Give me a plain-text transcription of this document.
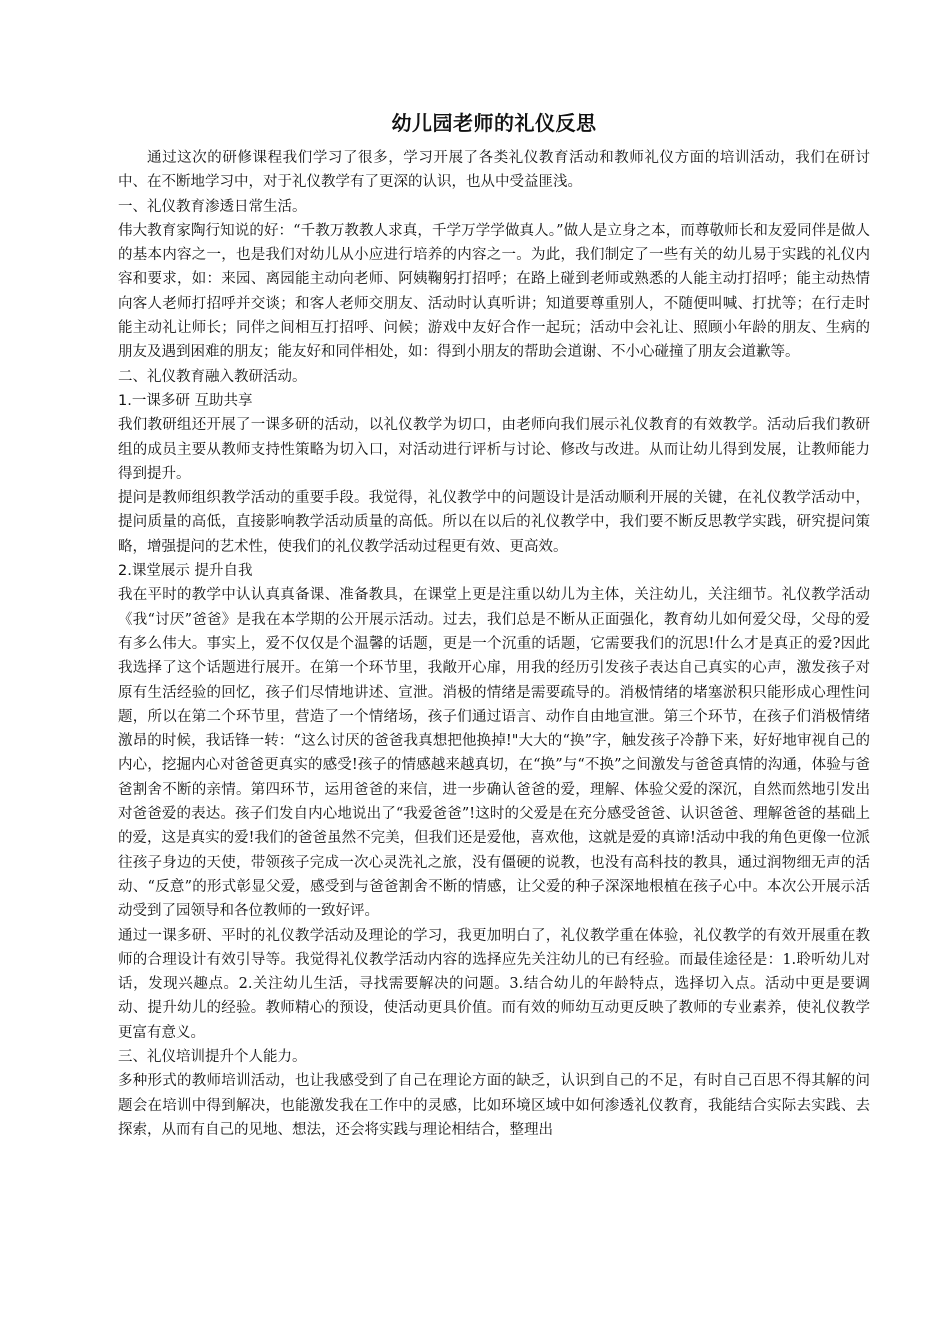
幼儿园老师的礼仪反思

通过这次的研修课程我们学习了很多，学习开展了各类礼仪教育活动和教师礼仪方面的培训活动，我们在研讨中、在不断地学习中，对于礼仪教学有了更深的认识，也从中受益匪浅。

一、礼仪教育渗透日常生活。

伟大教育家陶行知说的好：“千教万教教人求真，千学万学学做真人。”做人是立身之本，而尊敬师长和友爱同伴是做人的基本内容之一，也是我们对幼儿从小应进行培养的内容之一。为此，我们制定了一些有关的幼儿易于实践的礼仪内容和要求，如：来园、离园能主动向老师、阿姨鞠躬打招呼；在路上碰到老师或熟悉的人能主动打招呼；能主动热情向客人老师打招呼并交谈；和客人老师交朋友、活动时认真听讲；知道要尊重别人，不随便叫喊、打扰等；在行走时能主动礼让师长；同伴之间相互打招呼、问候；游戏中友好合作一起玩；活动中会礼让、照顾小年龄的朋友、生病的朋友及遇到困难的朋友；能友好和同伴相处，如：得到小朋友的帮助会道谢、不小心碰撞了朋友会道歉等。

二、礼仪教育融入教研活动。

1.一课多研 互助共享

我们教研组还开展了一课多研的活动，以礼仪教学为切口，由老师向我们展示礼仪教育的有效教学。活动后我们教研组的成员主要从教师支持性策略为切入口，对活动进行评析与讨论、修改与改进。从而让幼儿得到发展，让教师能力得到提升。

提问是教师组织教学活动的重要手段。我觉得，礼仪教学中的问题设计是活动顺利开展的关键，在礼仪教学活动中，提问质量的高低，直接影响教学活动质量的高低。所以在以后的礼仪教学中，我们要不断反思教学实践，研究提问策略，增强提问的艺术性，使我们的礼仪教学活动过程更有效、更高效。

2.课堂展示 提升自我

我在平时的教学中认认真真备课、准备教具，在课堂上更是注重以幼儿为主体，关注幼儿，关注细节。礼仪教学活动《我“讨厌”爸爸》是我在本学期的公开展示活动。过去，我们总是不断从正面强化，教育幼儿如何爱父母，父母的爱有多么伟大。事实上，爱不仅仅是个温馨的话题，更是一个沉重的话题，它需要我们的沉思!什么才是真正的爱?因此我选择了这个话题进行展开。在第一个环节里，我敞开心扉，用我的经历引发孩子表达自己真实的心声，激发孩子对原有生活经验的回忆，孩子们尽情地讲述、宣泄。消极的情绪是需要疏导的。消极情绪的堵塞淤积只能形成心理性问题，所以在第二个环节里，营造了一个情绪场，孩子们通过语言、动作自由地宣泄。第三个环节，在孩子们消极情绪激昂的时候，我话锋一转：“这么讨厌的爸爸我真想把他换掉!"大大的“换”字，触发孩子冷静下来，好好地审视自己的内心，挖掘内心对爸爸更真实的感受!孩子的情感越来越真切，在“换”与“不换”之间激发与爸爸真情的沟通，体验与爸爸割舍不断的亲情。第四环节，运用爸爸的来信，进一步确认爸爸的爱，理解、体验父爱的深沉，自然而然地引发出对爸爸爱的表达。孩子们发自内心地说出了“我爱爸爸”!这时的父爱是在充分感受爸爸、认识爸爸、理解爸爸的基础上的爱，这是真实的爱!我们的爸爸虽然不完美，但我们还是爱他，喜欢他，这就是爱的真谛!活动中我的角色更像一位派往孩子身边的天使，带领孩子完成一次心灵洗礼之旅，没有僵硬的说教，也没有高科技的教具，通过润物细无声的活动、“反意”的形式彰显父爱，感受到与爸爸割舍不断的情感，让父爱的种子深深地根植在孩子心中。本次公开展示活动受到了园领导和各位教师的一致好评。

通过一课多研、平时的礼仪教学活动及理论的学习，我更加明白了，礼仪教学重在体验，礼仪教学的有效开展重在教师的合理设计有效引导等。我觉得礼仪教学活动内容的选择应先关注幼儿的已有经验。而最佳途径是：1.聆听幼儿对话，发现兴趣点。2.关注幼儿生活，寻找需要解决的问题。3.结合幼儿的年龄特点，选择切入点。活动中更是要调动、提升幼儿的经验。教师精心的预设，使活动更具价值。而有效的师幼互动更反映了教师的专业素养，使礼仪教学更富有意义。

三、礼仪培训提升个人能力。

多种形式的教师培训活动，也让我感受到了自己在理论方面的缺乏，认识到自己的不足，有时自己百思不得其解的问题会在培训中得到解决，也能激发我在工作中的灵感，比如环境区域中如何渗透礼仪教育，我能结合实际去实践、去探索，从而有自己的见地、想法，还会将实践与理论相结合，整理出
